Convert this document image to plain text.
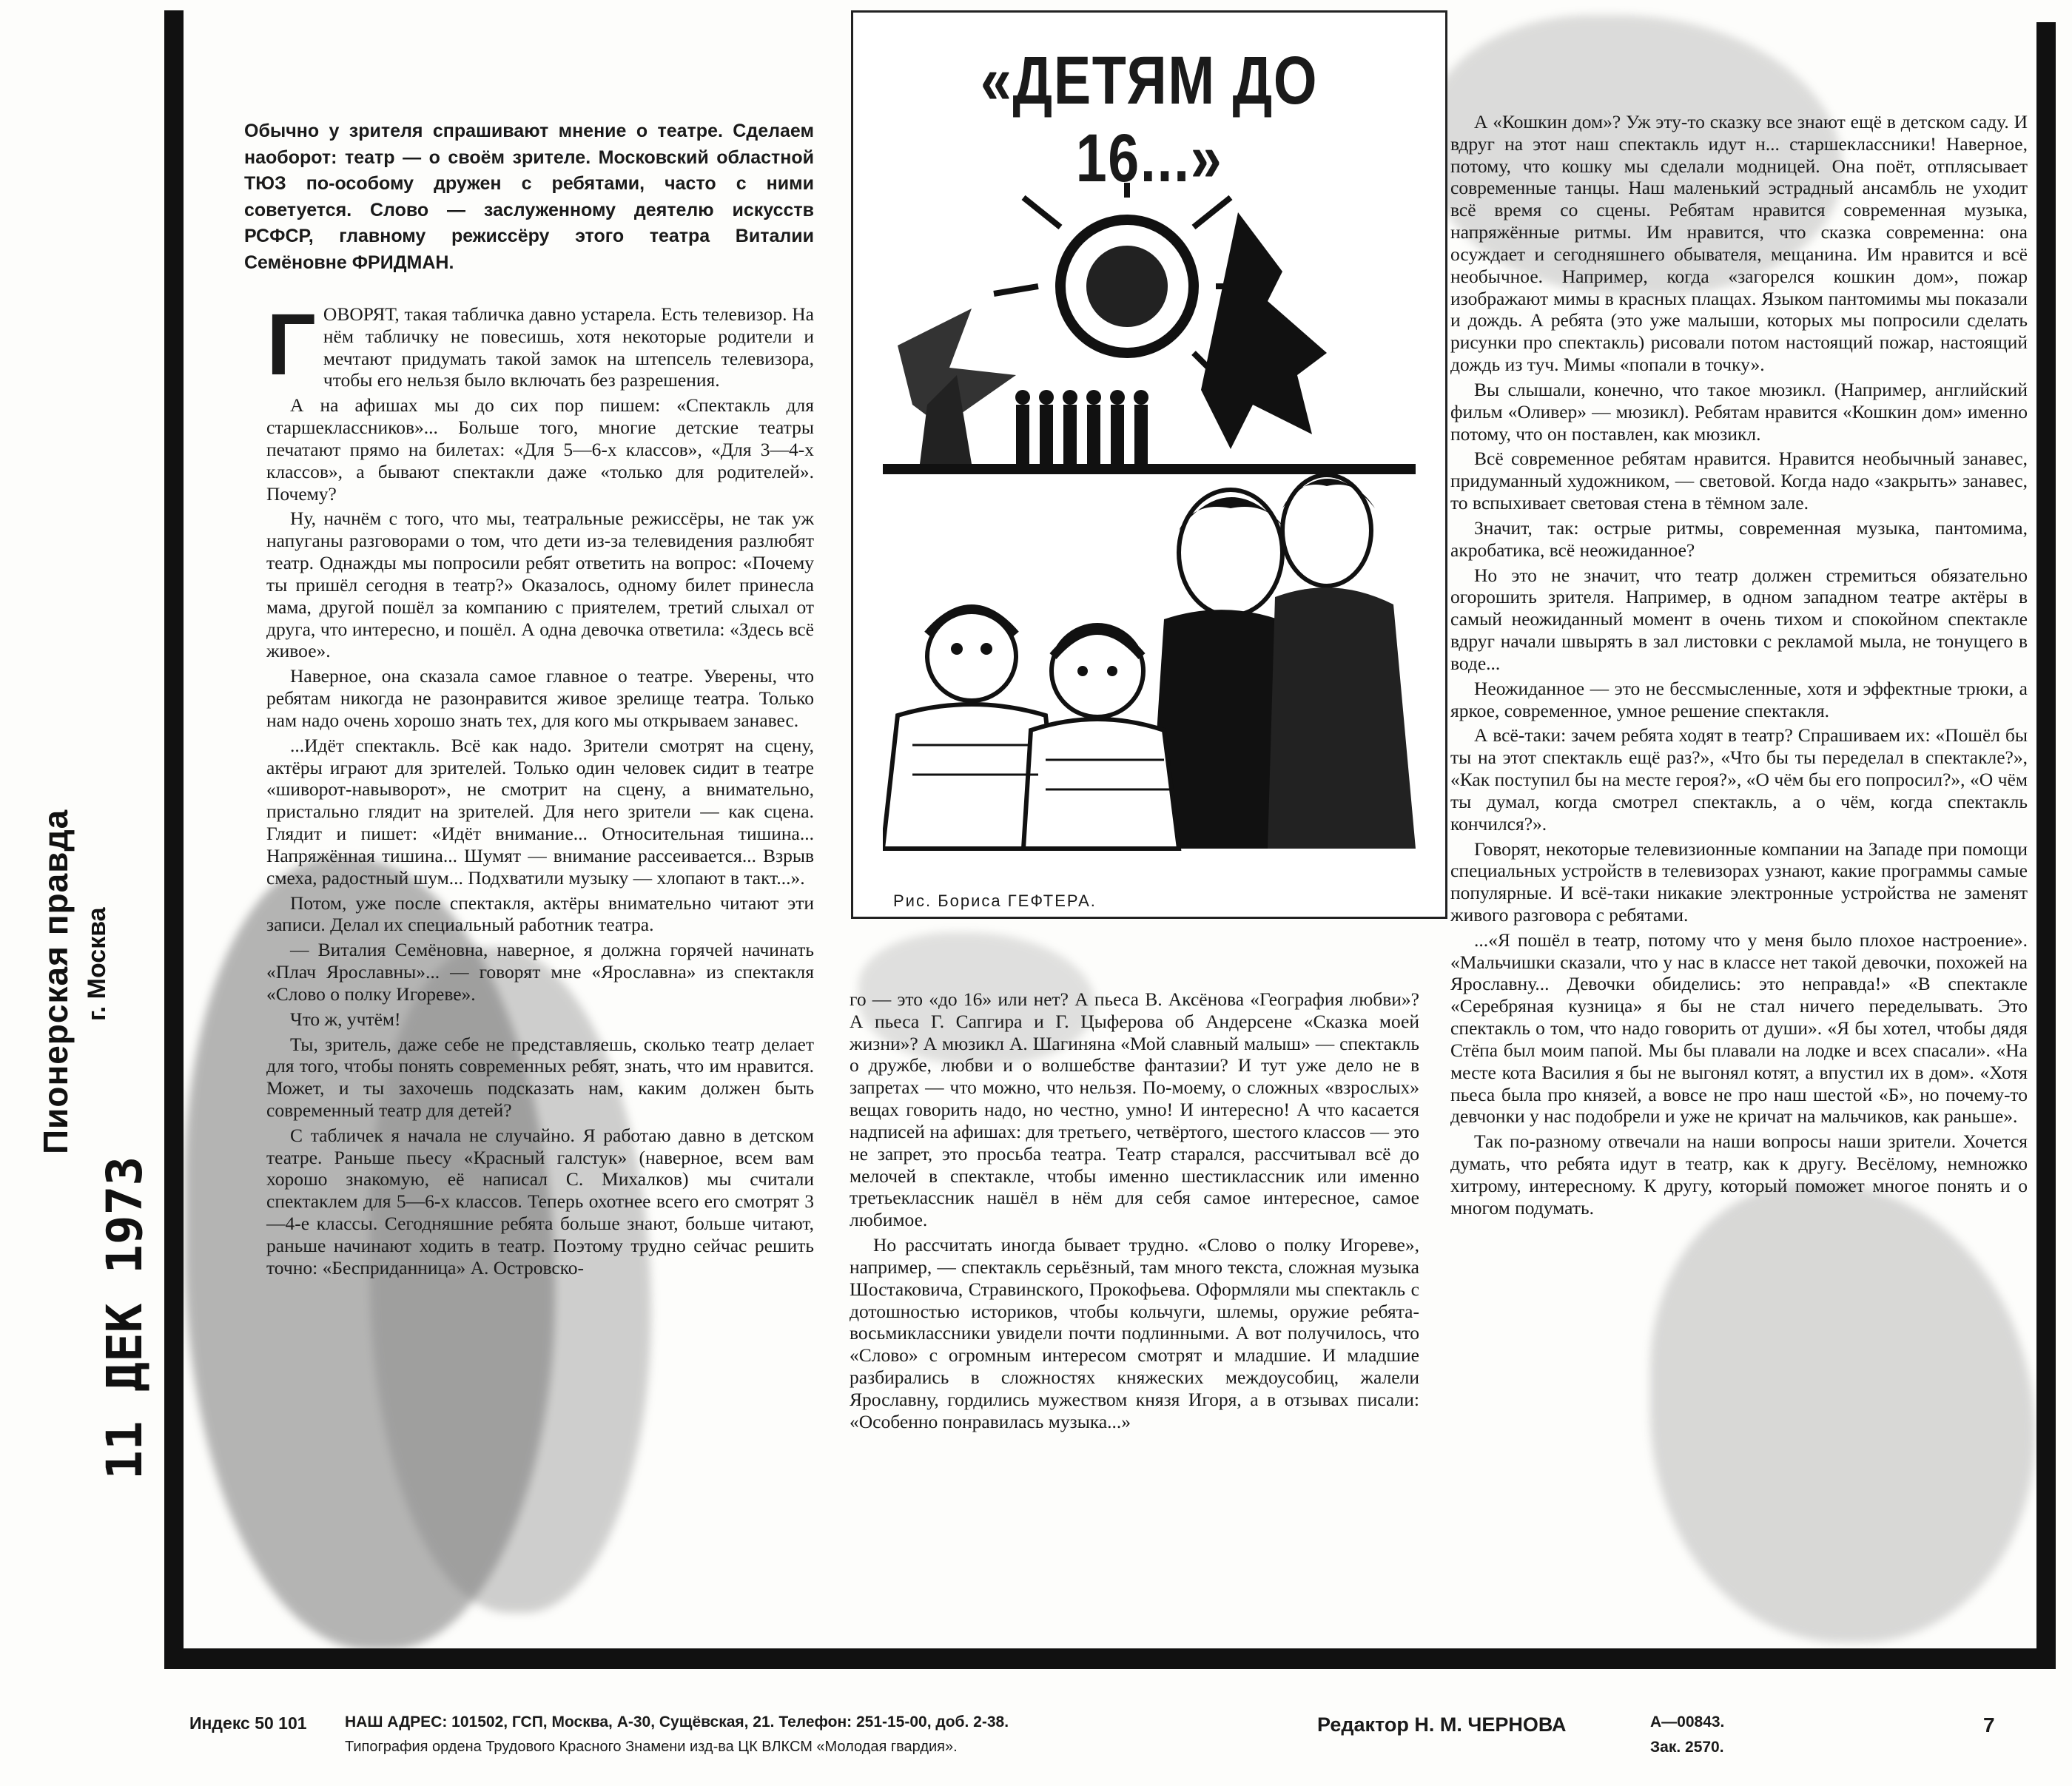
Пионерская правда г. Москва
11 ДЕК 1973
Обычно у зрителя спрашивают мнение о театре. Сделаем наоборот: театр — о своём зрителе. Московский областной ТЮЗ по-особому дружен с ребятами, часто с ними советуется. Слово — заслуженному деятелю искусств РСФСР, главному режиссёру этого театра Виталии Семёновне ФРИДМАН.

Г ОВОРЯТ, такая табличка давно устарела. Есть телевизор. На нём табличку не повесишь, хотя некоторые родители и мечтают придумать такой замок на штепсель телевизора, чтобы его нельзя было включать без разрешения.

А на афишах мы до сих пор пишем: «Спектакль для старшеклассников»... Больше того, многие детские театры печатают прямо на билетах: «Для 5—6-х классов», «Для 3—4-х классов», а бывают спектакли даже «только для родителей». Почему?

Ну, начнём с того, что мы, театральные режиссёры, не так уж напуганы разговорами о том, что дети из-за телевидения разлюбят театр. Однажды мы попросили ребят ответить на вопрос: «Почему ты пришёл сегодня в театр?» Оказалось, одному билет принесла мама, другой пошёл за компанию с приятелем, третий слыхал от друга, что интересно, и пошёл. А одна девочка ответила: «Здесь всё живое».

Наверное, она сказала самое главное о театре. Уверены, что ребятам никогда не разонравится живое зрелище театра. Только нам надо очень хорошо знать тех, для кого мы открываем занавес.

...Идёт спектакль. Всё как надо. Зрители смотрят на сцену, актёры играют для зрителей. Только один человек сидит в театре «шиворот-навыворот», не смотрит на сцену, а внимательно, пристально глядит на зрителей. Для него зрители — как сцена. Глядит и пишет: «Идёт внимание... Относительная тишина... Напряжённая тишина... Шумят — внимание рассеивается... Взрыв смеха, радостный шум... Подхватили музыку — хлопают в такт...».

Потом, уже после спектакля, актёры внимательно читают эти записи. Делал их специальный работник театра.

— Виталия Семёновна, наверное, я должна горячей начинать «Плач Ярославны»... — говорят мне «Ярославна» из спектакля «Слово о полку Игореве».

Что ж, учтём!

Ты, зритель, даже себе не представляешь, сколько театр делает для того, чтобы понять современных ребят, знать, что им нравится. Может, и ты захочешь подсказать нам, каким должен быть современный театр для детей?

С табличек я начала не случайно. Я работаю давно в детском театре. Раньше пьесу «Красный галстук» (наверное, всем вам хорошо знакомую, её написал С. Михалков) мы считали спектаклем для 5—6-х классов. Теперь охотнее всего его смотрят 3—4-е классы. Сегодняшние ребята больше знают, больше читают, раньше начинают ходить в театр. Поэтому трудно сейчас решить точно: «Бесприданница» А. Островско-

«ДЕТЯМ ДО 16...»
Рис. Бориса ГЕФТЕРА.

го — это «до 16» или нет? А пьеса В. Аксёнова «География любви»? А пьеса Г. Сапгира и Г. Цыферова об Андерсене «Сказка моей жизни»? А мюзикл А. Шагиняна «Мой славный малыш» — спектакль о дружбе, любви и о волшебстве фантазии? И тут уже дело не в запретах — что можно, что нельзя. По-моему, о сложных «взрослых» вещах говорить надо, но честно, умно! И интересно! А что касается надписей на афишах: для третьего, четвёртого, шестого классов — это не запрет, это просьба театра. Театр старался, рассчитывал всё до мелочей в спектакле, чтобы именно шестиклассник или именно третьеклассник нашёл в нём для себя самое интересное, самое любимое.

Но рассчитать иногда бывает трудно. «Слово о полку Игореве», например, — спектакль серьёзный, там много текста, сложная музыка Шостаковича, Стравинского, Прокофьева. Оформляли мы спектакль с дотошностью историков, чтобы кольчуги, шлемы, оружие ребята-восьмиклассники увидели почти подлинными. А вот получилось, что «Слово» с огромным интересом смотрят и младшие. И младшие разбирались в сложностях княжеских междоусобиц, жалели Ярославну, гордились мужеством князя Игоря, а в отзывах писали: «Особенно понравилась музыка...»

А «Кошкин дом»? Уж эту-то сказку все знают ещё в детском саду. И вдруг на этот наш спектакль идут н... старшеклассники! Наверное, потому, что кошку мы сделали модницей. Она поёт, отплясывает современные танцы. Наш маленький эстрадный ансамбль не уходит всё время со сцены. Ребятам нравится современная музыка, напряжённые ритмы. Им нравится, что сказка современна: она осуждает и сегодняшнего обывателя, мещанина. Им нравится и всё необычное. Например, когда «загорелся кошкин дом», пожар изображают мимы в красных плащах. Языком пантомимы мы показали и дождь. А ребята (это уже малыши, которых мы попросили сделать рисунки про спектакль) рисовали потом настоящий пожар, настоящий дождь из туч. Мимы «попали в точку».

Вы слышали, конечно, что такое мюзикл. (Например, английский фильм «Оливер» — мюзикл). Ребятам нравится «Кошкин дом» именно потому, что он поставлен, как мюзикл.

Всё современное ребятам нравится. Нравится необычный занавес, придуманный художником, — световой. Когда надо «закрыть» занавес, то вспыхивает световая стена в тёмном зале.

Значит, так: острые ритмы, современная музыка, пантомима, акробатика, всё неожиданное?

Но это не значит, что театр должен стремиться обязательно огорошить зрителя. Например, в одном западном театре актёры в самый неожиданный момент в очень тихом и спокойном спектакле вдруг начали швырять в зал листовки с рекламой мыла, не тонущего в воде...

Неожиданное — это не бессмысленные, хотя и эффектные трюки, а яркое, современное, умное решение спектакля.

А всё-таки: зачем ребята ходят в театр? Спрашиваем их: «Пошёл бы ты на этот спектакль ещё раз?», «Что бы ты переделал в спектакле?», «Как поступил бы на месте героя?», «О чём бы его попросил?», «О чём ты думал, когда смотрел спектакль, а о чём, когда спектакль кончился?».

Говорят, некоторые телевизионные компании на Западе при помощи специальных устройств в телевизорах узнают, какие программы самые популярные. И всё-таки никакие электронные устройства не заменят живого разговора с ребятами.

...«Я пошёл в театр, потому что у меня было плохое настроение». «Мальчишки сказали, что у нас в классе нет такой девочки, похожей на Ярославну... Девочки обиделись: это неправда!» «В спектакле «Серебряная кузница» я бы не стал ничего переделывать. Это спектакль о том, что надо говорить от души». «Я бы хотел, чтобы дядя Стёпа был моим папой. Мы бы плавали на лодке и всех спасали». «На месте кота Василия я бы не выгонял котят, а впустил их в дом». «Хотя пьеса была про князей, а вовсе не про наш шестой «Б», но почему-то девчонки у нас подобрели и уже не кричат на мальчиков, как раньше».

Так по-разному отвечали на наши вопросы наши зрители. Хочется думать, что ребята идут в театр, как к другу. Весёлому, немножко хитрому, интересному. К другу, который поможет многое понять и о многом подумать.

Индекс 50 101 НАШ АДРЕС: 101502, ГСП, Москва, А-30, Сущёвская, 21. Телефон: 251-15-00, доб. 2-38.	Редактор Н. М. ЧЕРНОВА	А—00843.
Зак. 2570.
7
Типография ордена Трудового Красного Знамени изд-ва ЦК ВЛКСМ «Молодая гвардия».
